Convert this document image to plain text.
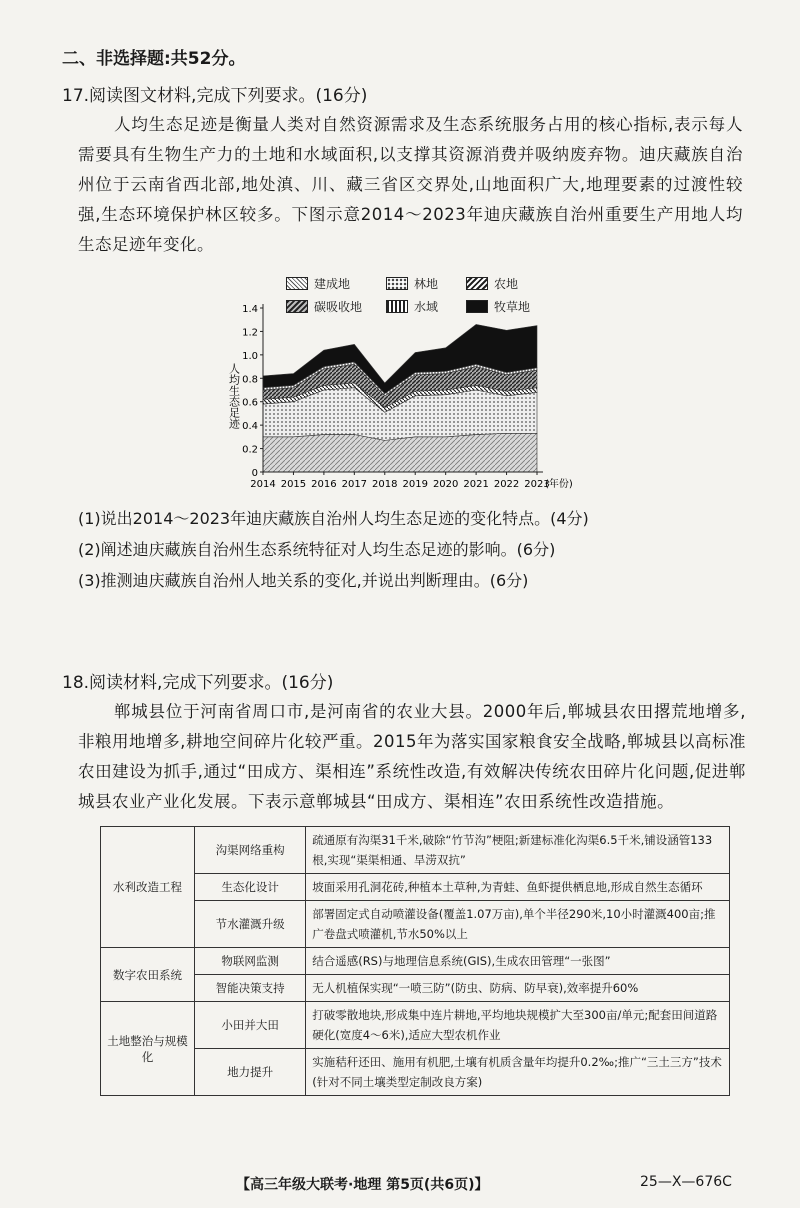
二、非选择题:共52分。
17.阅读图文材料,完成下列要求。(16分)
人均生态足迹是衡量人类对自然资源需求及生态系统服务占用的核心指标,表示每人需要具有生物生产力的土地和水域面积,以支撑其资源消费并吸纳废弃物。迪庆藏族自治州位于云南省西北部,地处滇、川、藏三省区交界处,山地面积广大,地理要素的过渡性较强,生态环境保护林区较多。下图示意2014～2023年迪庆藏族自治州重要生产用地人均生态足迹年变化。
建成地	林地	农地
碳吸收地	水域	牧草地
0
0.2
0.4
0.6
0.8
1.0
1.2
1.4
2014 2015 2016 2017 2018 2019 2020 2021 2022 2023
(年份)
人均生态足迹
(1)说出2014～2023年迪庆藏族自治州人均生态足迹的变化特点。(4分)
(2)阐述迪庆藏族自治州生态系统特征对人均生态足迹的影响。(6分)
(3)推测迪庆藏族自治州人地关系的变化,并说出判断理由。(6分)
18.阅读材料,完成下列要求。(16分)
郸城县位于河南省周口市,是河南省的农业大县。2000年后,郸城县农田撂荒地增多,非粮用地增多,耕地空间碎片化较严重。2015年为落实国家粮食安全战略,郸城县以高标准农田建设为抓手,通过“田成方、渠相连”系统性改造,有效解决传统农田碎片化问题,促进郸城县农业产业化发展。下表示意郸城县“田成方、渠相连”农田系统性改造措施。
水利改造工程	沟渠网络重构	疏通原有沟渠31千米,破除“竹节沟”梗阻;新建标准化沟渠6.5千米,铺设涵管133根,实现“渠渠相通、旱涝双抗”
	生态化设计	坡面采用孔洞花砖,种植本土草种,为青蛙、鱼虾提供栖息地,形成自然生态循环
	节水灌溉升级	部署固定式自动喷灌设备(覆盖1.07万亩),单个半径290米,10小时灌溉400亩;推广卷盘式喷灌机,节水50%以上
数字农田系统	物联网监测	结合遥感(RS)与地理信息系统(GIS),生成农田管理“一张图”
	智能决策支持	无人机植保实现“一喷三防”(防虫、防病、防早衰),效率提升60%
土地整治与规模化	小田并大田	打破零散地块,形成集中连片耕地,平均地块规模扩大至300亩/单元;配套田间道路硬化(宽度4～6米),适应大型农机作业
	地力提升	实施秸秆还田、施用有机肥,土壤有机质含量年均提升0.2‰;推广“三土三方”技术(针对不同土壤类型定制改良方案)
【高三年级大联考·地理 第5页(共6页)】	25—X—676C
